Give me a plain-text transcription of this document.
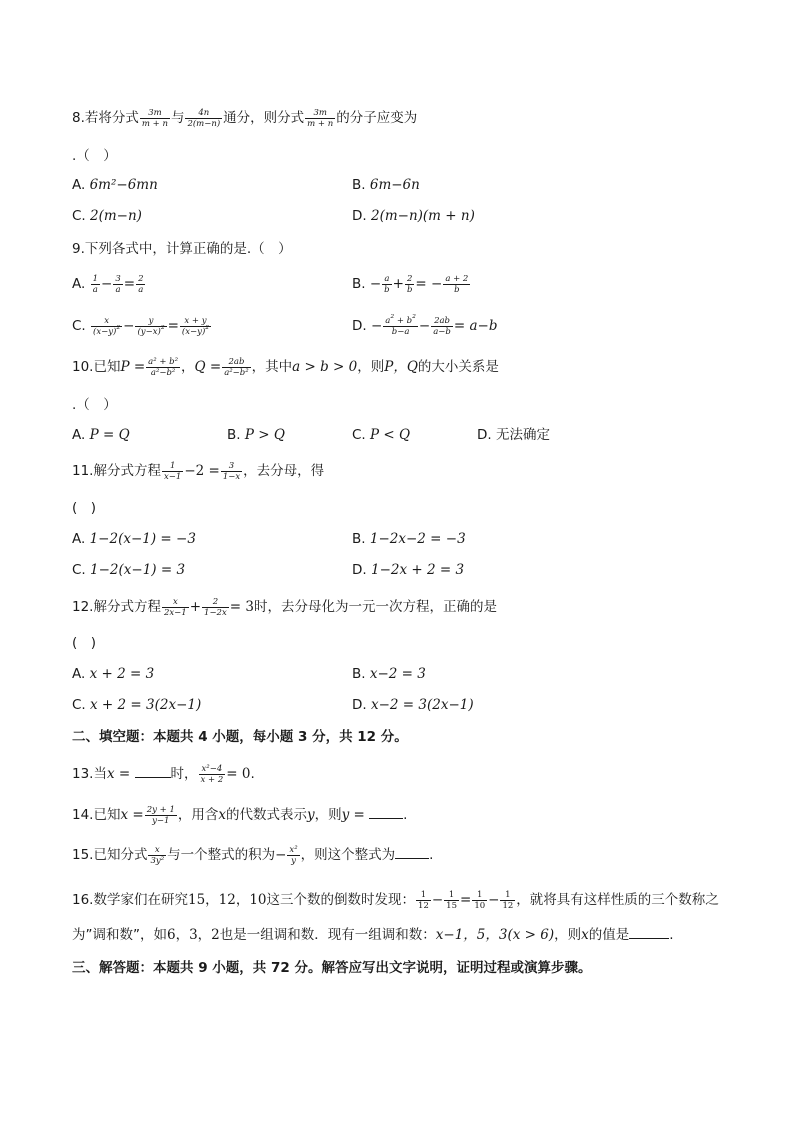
8.若将分式 $\frac{3m}{m + n}$ 与 $\frac{4n}{2(m-n)}$ 通分，则分式 $\frac{3m}{m + n}$ 的分子应变为
.（　）
A. 6m²−6mn	B. 6m−6n
C. 2(m−n)	D. 2(m−n)(m + n)
9.下列各式中，计算正确的是.（　）
A. $\frac{1}{a} - \frac{3}{a} = \frac{2}{a}$	B. − $\frac{a}{b} + \frac{2}{b}$ = − $\frac{a + 2}{b}$
C. $\frac{x}{(x-y)^2} - \frac{y}{(y-x)^2} = \frac{x + y}{(x-y)^2}$	D. − $\frac{a^2 + b^2}{b-a} - \frac{2ab}{a-b} = a-b$
10.已知$P = \frac{\text{a² + b²}}{\text{a²−b²}}$ ，$Q = \frac{2ab}{\text{a²−b²}}$ ，其中a > b > 0，则P，Q的大小关系是
.（　）
A. P = Q	B. P > Q	C. P < Q	D. 无法确定
11.解分式方程 $\frac{1}{x-1} -2 = \frac{3}{1-x}$ ，去分母，得
(　)
A. 1−2(x−1) = −3	B. 1−2x−2 = −3
C. 1−2(x−1) = 3	D. 1−2x + 2 = 3
12.解分式方程 $\frac{x}{2x-1} + \frac{2}{1-2x} = 3$时，去分母化为一元一次方程，正确的是
(　)
A. x + 2 = 3	B. x−2 = 3
C. x + 2 = 3(2x−1)	D. x−2 = 3(2x−1)
二、填空题：本题共 4 小题，每小题 3 分，共 12 分。
13.当x =	时， $\frac{\text{x²−4}}{x + 2} = 0$.
14.已知$x = \frac{2y + 1}{y-1}$ ，用含x的代数式表示y，则y =	.
15.已知分式 $\frac{x}{\text{3y²}}$ 与一个整式的积为− $\frac{\text{x²}}{y}$ ，则这个整式为	.
16.数学家们在研究15，12，10这三个数的倒数时发现： $\frac{1}{12} - \frac{1}{15} = \frac{1}{10} - \frac{1}{12}$ ，就将具有这样性质的三个数称之
为”调和数”，如6，3，2也是一组调和数．现有一组调和数：x−1，5，3(x > 6)，则x的值是	.
三、解答题：本题共 9 小题，共 72 分。解答应写出文字说明，证明过程或演算步骤。
